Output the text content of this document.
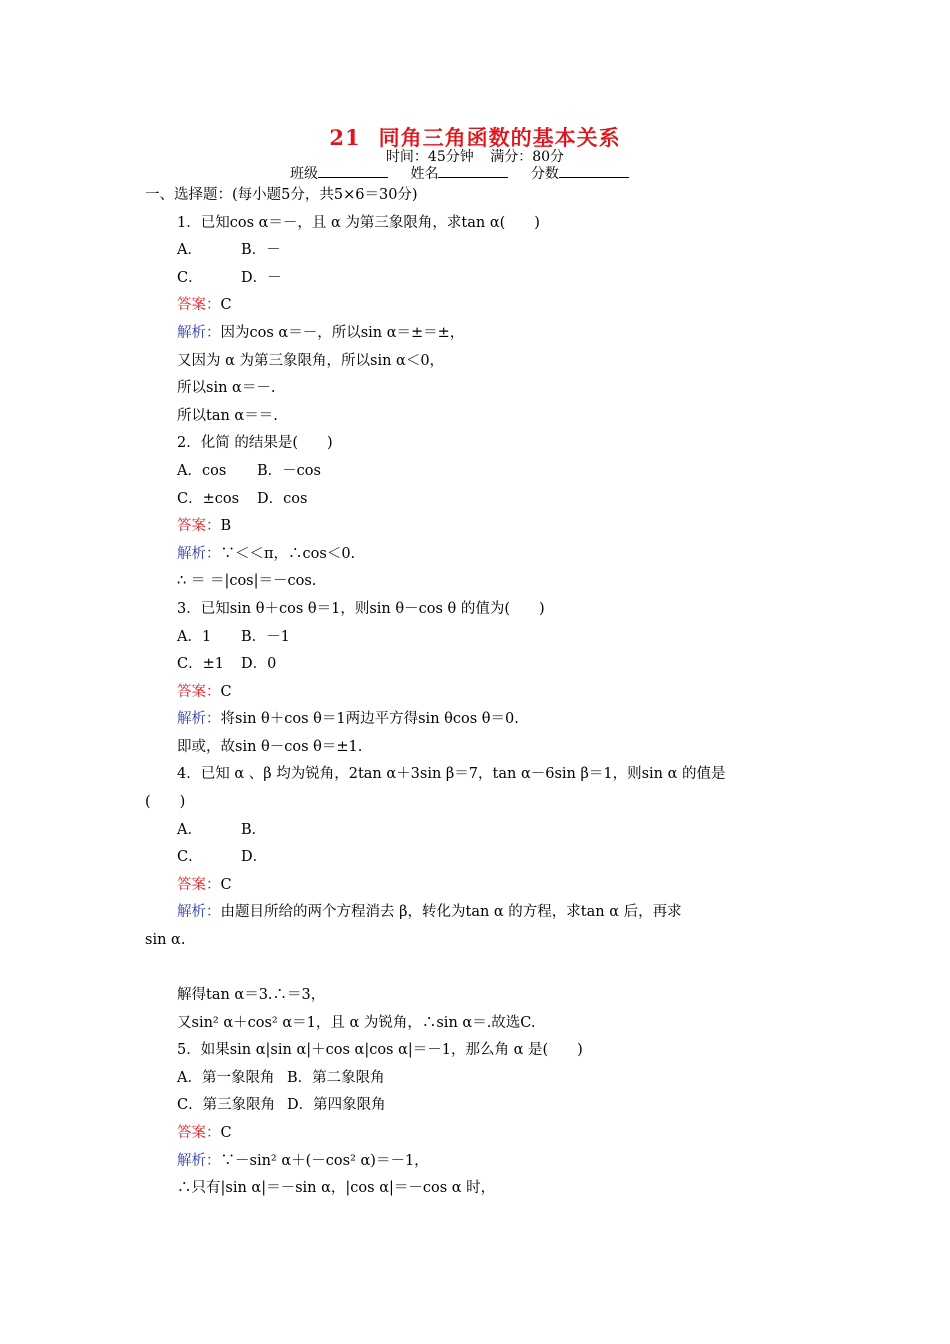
21 同角三角函数的基本关系
时间：45分钟 满分：80分
班级	姓名	分数
一、选择题：(每小题5分，共5×6＝30分)
1．已知cos α＝－，且 α 为第三象限角，求tan α(　　)
A．	B．－
C．	D．－
答案：C
解析：因为cos α＝－，所以sin α＝±＝±，
又因为 α 为第三象限角，所以sin α＜0，
所以sin α＝－.
所以tan α＝＝.
2．化简 的结果是(　　)
A．cos B．－cos
C．±cos D．cos
答案：B
解析：∵＜＜π，∴cos＜0.
∴ ＝ ＝|cos|＝－cos.
3．已知sin θ＋cos θ＝1，则sin θ－cos θ 的值为(　　)
A．1 B．－1
C．±1 D．0
答案：C
解析：将sin θ＋cos θ＝1两边平方得sin θcos θ＝0.
即或，故sin θ－cos θ＝±1.
4．已知 α 、β 均为锐角，2tan α＋3sin β＝7，tan α－6sin β＝1，则sin α 的值是
(　　)
A．	B．
C．	D．
答案：C
解析：由题目所给的两个方程消去 β，转化为tan α 的方程，求tan α 后，再求
sin α.
解得tan α＝3.∴＝3，
又sin² α＋cos² α＝1，且 α 为锐角，∴sin α＝.故选C.
5．如果sin α|sin α|＋cos α|cos α|＝－1，那么角 α 是(　　)
A．第一象限角 B．第二象限角
C．第三象限角 D．第四象限角
答案：C
解析：∵－sin² α＋(－cos² α)＝－1，
∴只有|sin α|＝－sin α，|cos α|＝－cos α 时，
